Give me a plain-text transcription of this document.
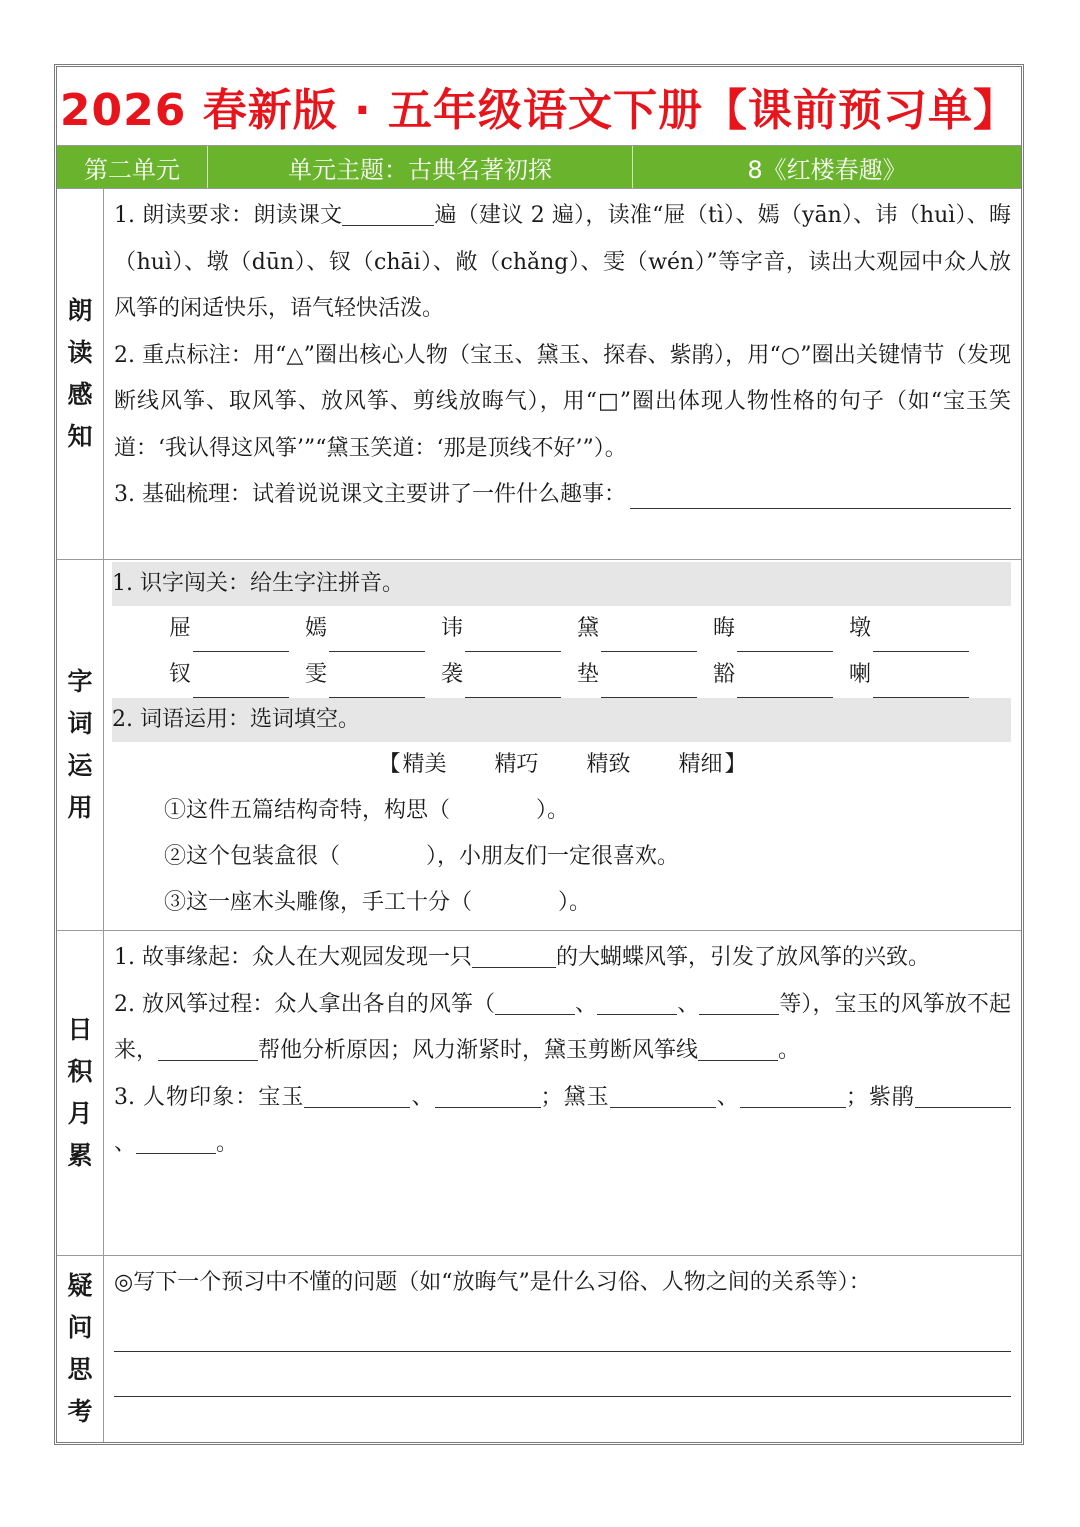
2026 春新版 · 五年级语文下册【课前预习单】
第二单元	单元主题：古典名著初探	8《红楼春趣》
朗
读
感
知
1. 朗读要求：朗读课文	遍（建议 2 遍），读准“屉（tì）、嫣（yān）、讳（huì）、晦（huì）、墩（dūn）、钗（chāi）、敞（chǎng）、雯（wén）”等字音，读出大观园中众人放风筝的闲适快乐，语气轻快活泼。
2. 重点标注：用“△”圈出核心人物（宝玉、黛玉、探春、紫鹃），用“○”圈出关键情节（发现断线风筝、取风筝、放风筝、剪线放晦气），用“□”圈出体现人物性格的句子（如“宝玉笑道：‘我认得这风筝’”“黛玉笑道：‘那是顶线不好’”）。
3. 基础梳理：试着说说课文主要讲了一件什么趣事：
字
词
运
用
1. 识字闯关：给生字注拼音。
屉	嫣	讳	黛	晦	墩
钗	雯	袭	垫	豁	喇
2. 词语运用：选词填空。
【精美 精巧 精致 精细】
①这件五篇结构奇特，构思（	）。
②这个包装盒很（	），小朋友们一定很喜欢。
③这一座木头雕像，手工十分（	）。
日
积
月
累
1. 故事缘起：众人在大观园发现一只	的大蝴蝶风筝，引发了放风筝的兴致。
2. 放风筝过程：众人拿出各自的风筝（	、	、	等），宝玉的风筝放不起来，	帮他分析原因；风力渐紧时，黛玉剪断风筝线	。
3. 人物印象：宝玉	、	；黛玉	、	；紫鹃、	。
疑
问
思
考
◎写下一个预习中不懂的问题（如“放晦气”是什么习俗、人物之间的关系等）：
